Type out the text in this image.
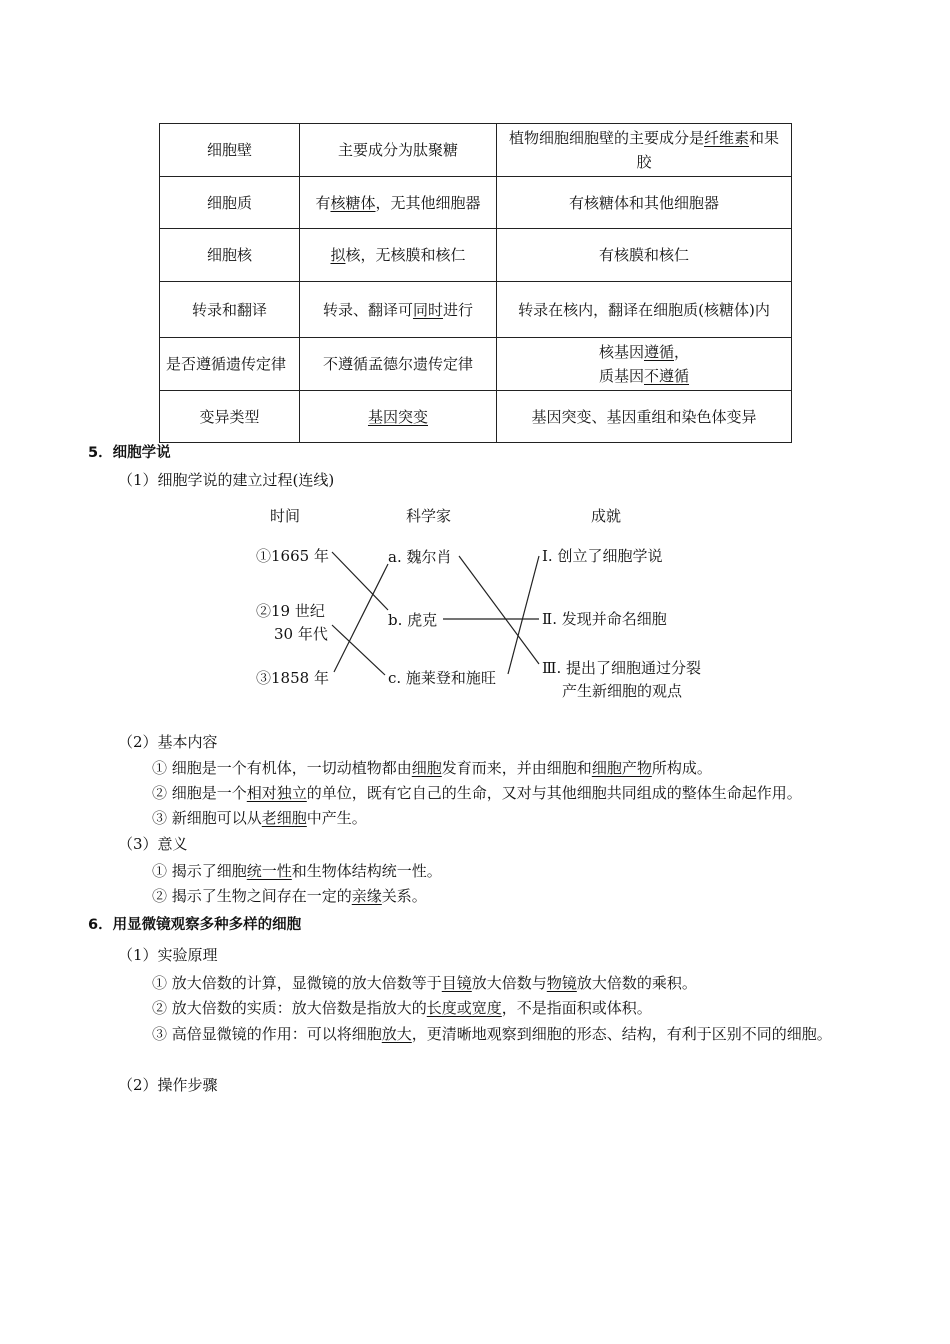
细胞壁	主要成分为肽聚糖	植物细胞细胞壁的主要成分是纤维素和果胶
细胞质	有核糖体，无其他细胞器	有核糖体和其他细胞器
细胞核	拟核，无核膜和核仁	有核膜和核仁
转录和翻译	转录、翻译可同时进行	转录在核内，翻译在细胞质(核糖体)内
是否遵循遗传定律	不遵循孟德尔遗传定律	核基因遵循，
质基因不遵循
变异类型	基因突变	基因突变、基因重组和染色体变异
5．细胞学说
（1）细胞学说的建立过程(连线)
时间	科学家	成就
①1665 年
②19 世纪
30 年代
③1858 年
a. 魏尔肖
b. 虎克
c. 施莱登和施旺
Ⅰ. 创立了细胞学说
Ⅱ. 发现并命名细胞
Ⅲ. 提出了细胞通过分裂
产生新细胞的观点
（2）基本内容
① 细胞是一个有机体，一切动植物都由细胞发育而来，并由细胞和细胞产物所构成。
② 细胞是一个相对独立的单位，既有它自己的生命，又对与其他细胞共同组成的整体生命起作用。
③ 新细胞可以从老细胞中产生。
（3）意义
① 揭示了细胞统一性和生物体结构统一性。
② 揭示了生物之间存在一定的亲缘关系。
6．用显微镜观察多种多样的细胞
（1）实验原理
① 放大倍数的计算，显微镜的放大倍数等于目镜放大倍数与物镜放大倍数的乘积。
② 放大倍数的实质：放大倍数是指放大的长度或宽度，不是指面积或体积。
③ 高倍显微镜的作用：可以将细胞放大，更清晰地观察到细胞的形态、结构，有利于区别不同的细胞。
（2）操作步骤
